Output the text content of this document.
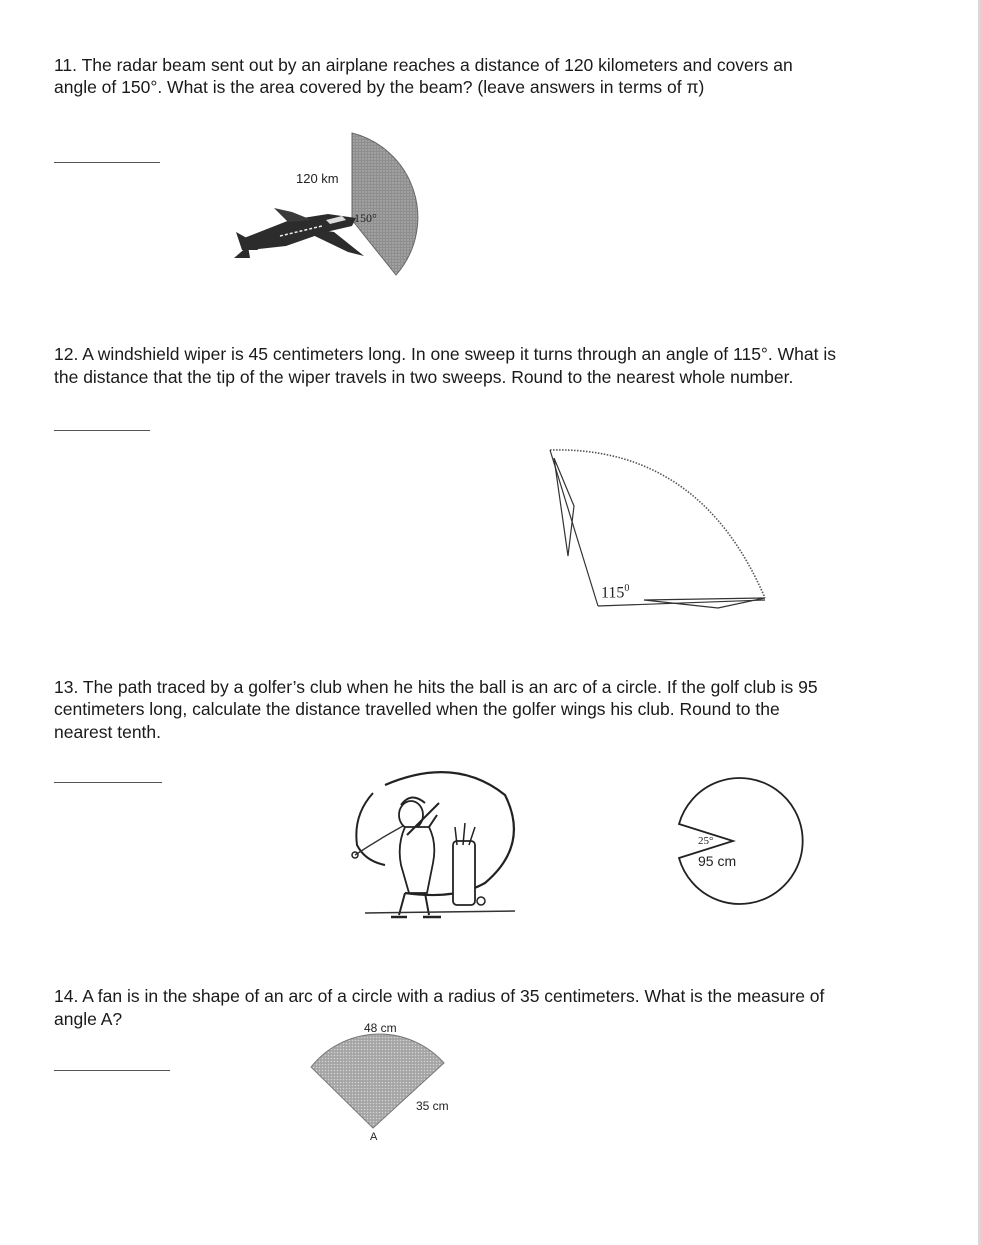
11. The radar beam sent out by an airplane reaches a distance of 120 kilometers and covers an

angle of 150°. What is the area covered by the beam? (leave answers in terms of π)

120 km
150°

12. A windshield wiper is 45 centimeters long. In one sweep it turns through an angle of 115°. What is

the distance that the tip of the wiper travels in two sweeps. Round to the nearest whole number.

$115^0$

13. The path traced by a golfer’s club when he hits the ball is an arc of a circle. If the golf club is 95

centimeters long, calculate the distance travelled when the golfer wings his club. Round to the

nearest tenth.

25°
95 cm

14. A fan is in the shape of an arc of a circle with a radius of 35 centimeters. What is the measure of

angle A?	48 cm
35 cm
A
